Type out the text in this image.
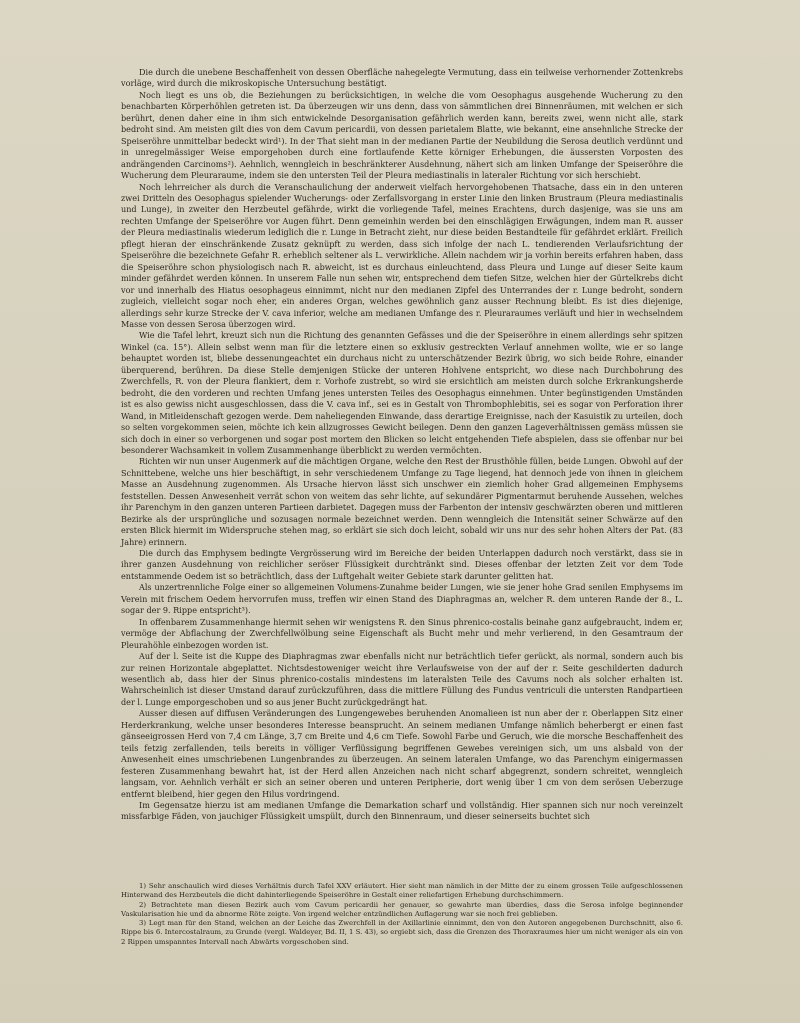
Die durch die unebene Beschaffenheit von dessen Oberfläche nahegelegte Vermutung, dass ein teilweise verhornender Zottenkrebs vorläge, wird durch die mikroskopische Untersuchung bestätigt.

Noch liegt es uns ob, die Beziehungen zu berücksichtigen, in welche die vom Oesophagus ausgehende Wucherung zu den benachbarten Körperhöhlen getreten ist. Da überzeugen wir uns denn, dass von sämmtlichen drei Binnenräumen, mit welchen er sich berührt, denen daher eine in ihm sich entwickelnde Desorganisation gefährlich werden kann, bereits zwei, wenn nicht alle, stark bedroht sind. Am meisten gilt dies von dem Cavum pericardii, von dessen parietalem Blatte, wie bekannt, eine ansehnliche Strecke der Speiseröhre unmittelbar bedeckt wird¹). In der That sieht man in der medianen Partie der Neubildung die Serosa deutlich verdünnt und in unregelmässiger Weise emporgehoben durch eine fortlaufende Kette körniger Erhebungen, die äussersten Vorposten des andrängenden Carcinoms²). Aehnlich, wenngleich in beschränkterer Ausdehnung, nähert sich am linken Umfange der Speiseröhre die Wucherung dem Pleuraraume, indem sie den untersten Teil der Pleura mediastinalis in lateraler Richtung vor sich herschiebt.

Noch lehrreicher als durch die Veranschaulichung der anderweit vielfach hervorgehobenen Thatsache, dass ein in den unteren zwei Dritteln des Oesophagus spielender Wucherungs- oder Zerfallsvorgang in erster Linie den linken Brustraum (Pleura mediastinalis und Lunge), in zweiter den Herzbeutel gefährde, wirkt die vorliegende Tafel, meines Erachtens, durch dasjenige, was sie uns am rechten Umfange der Speiseröhre vor Augen führt. Denn gemeinhin werden bei den einschlägigen Erwägungen, indem man R. ausser der Pleura mediastinalis wiederum lediglich die r. Lunge in Betracht zieht, nur diese beiden Bestandteile für gefährdet erklärt. Freilich pflegt hieran der einschränkende Zusatz geknüpft zu werden, dass sich infolge der nach L. tendierenden Verlaufsrichtung der Speiseröhre die bezeichnete Gefahr R. erheblich seltener als L. verwirkliche. Allein nachdem wir ja vorhin bereits erfahren haben, dass die Speiseröhre schon physiologisch nach R. abweicht, ist es durchaus einleuchtend, dass Pleura und Lunge auf dieser Seite kaum minder gefährdet werden können. In unserem Falle nun sehen wir, entsprechend dem tiefen Sitze, welchen hier der Gürtelkrebs dicht vor und innerhalb des Hiatus oesophageus einnimmt, nicht nur den medianen Zipfel des Unterrandes der r. Lunge bedroht, sondern zugleich, vielleicht sogar noch eher, ein anderes Organ, welches gewöhnlich ganz ausser Rechnung bleibt. Es ist dies diejenige, allerdings sehr kurze Strecke der V. cava inferior, welche am medianen Umfange des r. Pleuraraumes verläuft und hier in wechselndem Masse von dessen Serosa überzogen wird.

Wie die Tafel lehrt, kreuzt sich nun die Richtung des genannten Gefässes und die der Speiseröhre in einem allerdings sehr spitzen Winkel (ca. 15°). Allein selbst wenn man für die letztere einen so exklusiv gestreckten Verlauf annehmen wollte, wie er so lange behauptet worden ist, bliebe dessenungeachtet ein durchaus nicht zu unterschätzender Bezirk übrig, wo sich beide Rohre, einander überquerend, berühren. Da diese Stelle demjenigen Stücke der unteren Hohlvene entspricht, wo diese nach Durchbohrung des Zwerchfells, R. von der Pleura flankiert, dem r. Vorhofe zustrebt, so wird sie ersichtlich am meisten durch solche Erkrankungsherde bedroht, die den vorderen und rechten Umfang jenes untersten Teiles des Oesophagus einnehmen. Unter begünstigenden Umständen ist es also gewiss nicht ausgeschlossen, dass die V. cava inf., sei es in Gestalt von Thrombophlebitis, sei es sogar von Perforation ihrer Wand, in Mitleidenschaft gezogen werde. Dem naheliegenden Einwande, dass derartige Ereignisse, nach der Kasuistik zu urteilen, doch so selten vorgekommen seien, möchte ich kein allzugrosses Gewicht beilegen. Denn den ganzen Lageverhältnissen gemäss müssen sie sich doch in einer so verborgenen und sogar post mortem den Blicken so leicht entgehenden Tiefe abspielen, dass sie offenbar nur bei besonderer Wachsamkeit in vollem Zusammenhange überblickt zu werden vermöchten.

Richten wir nun unser Augenmerk auf die mächtigen Organe, welche den Rest der Brusthöhle füllen, beide Lungen. Obwohl auf der Schnittebene, welche uns hier beschäftigt, in sehr verschiedenem Umfange zu Tage liegend, hat dennoch jede von ihnen in gleichem Masse an Ausdehnung zugenommen. Als Ursache hiervon lässt sich unschwer ein ziemlich hoher Grad allgemeinen Emphysems feststellen. Dessen Anwesenheit verrät schon von weitem das sehr lichte, auf sekundärer Pigmentarmut beruhende Aussehen, welches ihr Parenchym in den ganzen unteren Partieen darbietet. Dagegen muss der Farbenton der intensiv geschwärzten oberen und mittleren Bezirke als der ursprüngliche und sozusagen normale bezeichnet werden. Denn wenngleich die Intensität seiner Schwärze auf den ersten Blick hiermit im Widerspruche stehen mag, so erklärt sie sich doch leicht, sobald wir uns nur des sehr hohen Alters der Pat. (83 Jahre) erinnern.

Die durch das Emphysem bedingte Vergrösserung wird im Bereiche der beiden Unterlappen dadurch noch verstärkt, dass sie in ihrer ganzen Ausdehnung von reichlicher seröser Flüssigkeit durchtränkt sind. Dieses offenbar der letzten Zeit vor dem Tode entstammende Oedem ist so beträchtlich, dass der Luftgehalt weiter Gebiete stark darunter gelitten hat.

Als unzertrennliche Folge einer so allgemeinen Volumens-Zunahme beider Lungen, wie sie jener hohe Grad senilen Emphysems im Verein mit frischem Oedem hervorrufen muss, treffen wir einen Stand des Diaphragmas an, welcher R. dem unteren Rande der 8., L. sogar der 9. Rippe entspricht³).

In offenbarem Zusammenhange hiermit sehen wir wenigstens R. den Sinus phrenico-costalis beinahe ganz aufgebraucht, indem er, vermöge der Abflachung der Zwerchfellwölbung seine Eigenschaft als Bucht mehr und mehr verlierend, in den Gesamtraum der Pleurahöhle einbezogen worden ist.

Auf der l. Seite ist die Kuppe des Diaphragmas zwar ebenfalls nicht nur beträchtlich tiefer gerückt, als normal, sondern auch bis zur reinen Horizontale abgeplattet. Nichtsdestoweniger weicht ihre Verlaufsweise von der auf der r. Seite geschilderten dadurch wesentlich ab, dass hier der Sinus phrenico-costalis mindestens im lateralsten Teile des Cavums noch als solcher erhalten ist. Wahrscheinlich ist dieser Umstand darauf zurückzuführen, dass die mittlere Füllung des Fundus ventriculi die untersten Randpartieen der l. Lunge emporgeschoben und so aus jener Bucht zurückgedrängt hat.

Ausser diesen auf diffusen Veränderungen des Lungengewebes beruhenden Anomalieen ist nun aber der r. Oberlappen Sitz einer Herderkrankung, welche unser besonderes Interesse beansprucht. An seinem medianen Umfange nämlich beherbergt er einen fast gänseeigrossen Herd von 7,4 cm Länge, 3,7 cm Breite und 4,6 cm Tiefe. Sowohl Farbe und Geruch, wie die morsche Beschaffenheit des teils fetzig zerfallenden, teils bereits in völliger Verflüssigung begriffenen Gewebes vereinigen sich, um uns alsbald von der Anwesenheit eines umschriebenen Lungenbrandes zu überzeugen. An seinem lateralen Umfange, wo das Parenchym einigermassen festeren Zusammenhang bewahrt hat, ist der Herd allen Anzeichen nach nicht scharf abgegrenzt, sondern schreitet, wenngleich langsam, vor. Aehnlich verhält er sich an seiner oberen und unteren Peripherie, dort wenig über 1 cm von dem serösen Ueberzuge entfernt bleibend, hier gegen den Hilus vordringend.

Im Gegensatze hierzu ist am medianen Umfange die Demarkation scharf und vollständig. Hier spannen sich nur noch vereinzelt missfarbige Fäden, von jauchiger Flüssigkeit umspült, durch den Binnenraum, und dieser seinerseits buchtet sich

1) Sehr anschaulich wird dieses Verhältnis durch Tafel XXV erläutert. Hier sieht man nämlich in der Mitte der zu einem grossen Teile aufgeschlossenen Hinterwand des Herzbeutels die dicht dahinterliegende Speiseröhre in Gestalt einer reliefartigen Erhebung durchschimmern.

2) Betrachtete man diesen Bezirk auch vom Cavum pericardii her genauer, so gewahrte man überdies, dass die Serosa infolge beginnender Vaskularisation hie und da abnorme Röte zeigte. Von irgend welcher entzündlichen Auflagerung war sie noch frei geblieben.

3) Legt man für den Stand, welchen an der Leiche das Zwerchfell in der Axillarlinie einnimmt, den von den Autoren angegebenen Durchschnitt, also 6. Rippe bis 6. Intercostalraum, zu Grunde (vergl. Waldeyer, Bd. II, 1 S. 43), so ergiebt sich, dass die Grenzen des Thoraxraumes hier um nicht weniger als ein von 2 Rippen umspanntes Intervall nach Abwärts vorgeschoben sind.
